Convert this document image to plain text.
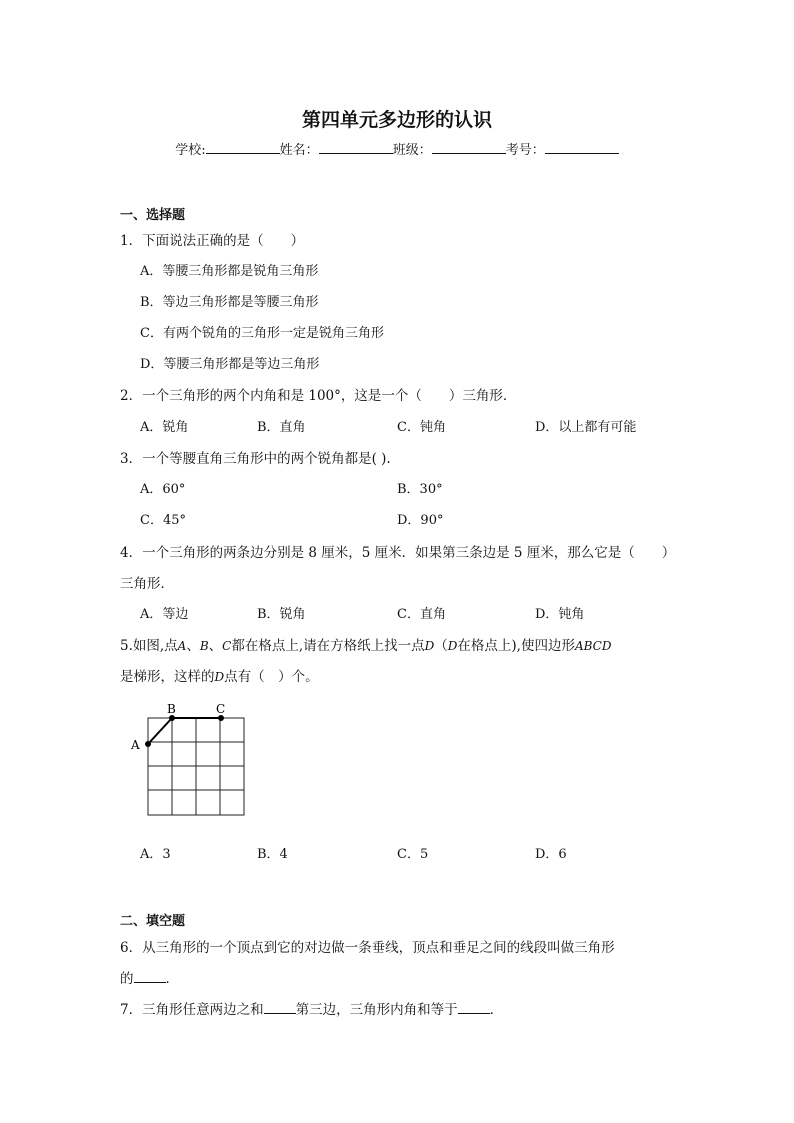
第四单元多边形的认识
学校:	姓名：	班级：	考号：
一、选择题
1．下面说法正确的是（　　）
A．等腰三角形都是锐角三角形
B．等边三角形都是等腰三角形
C．有两个锐角的三角形一定是锐角三角形
D．等腰三角形都是等边三角形
2．一个三角形的两个内角和是 100°，这是一个（　　）三角形．
A．锐角	B．直角	C．钝角	D．以上都有可能
3．一个等腰直角三角形中的两个锐角都是( ).
A．60°	B．30°
C．45°	D．90°
4．一个三角形的两条边分别是 8 厘米，5 厘米．如果第三条边是 5 厘米，那么它是（　　）
三角形．
A．等边	B．锐角	C．直角	D．钝角
5.如图,点A、B、C都在格点上,请在方格纸上找一点D（D在格点上),使四边形ABCD
是梯形，这样的D点有（　）个。
A
B	C
A．3	B．4	C．5	D．6
二、填空题
6．从三角形的一个顶点到它的对边做一条垂线，顶点和垂足之间的线段叫做三角形
的 ．
7．三角形任意两边之和 第三边，三角形内角和等于 ．
